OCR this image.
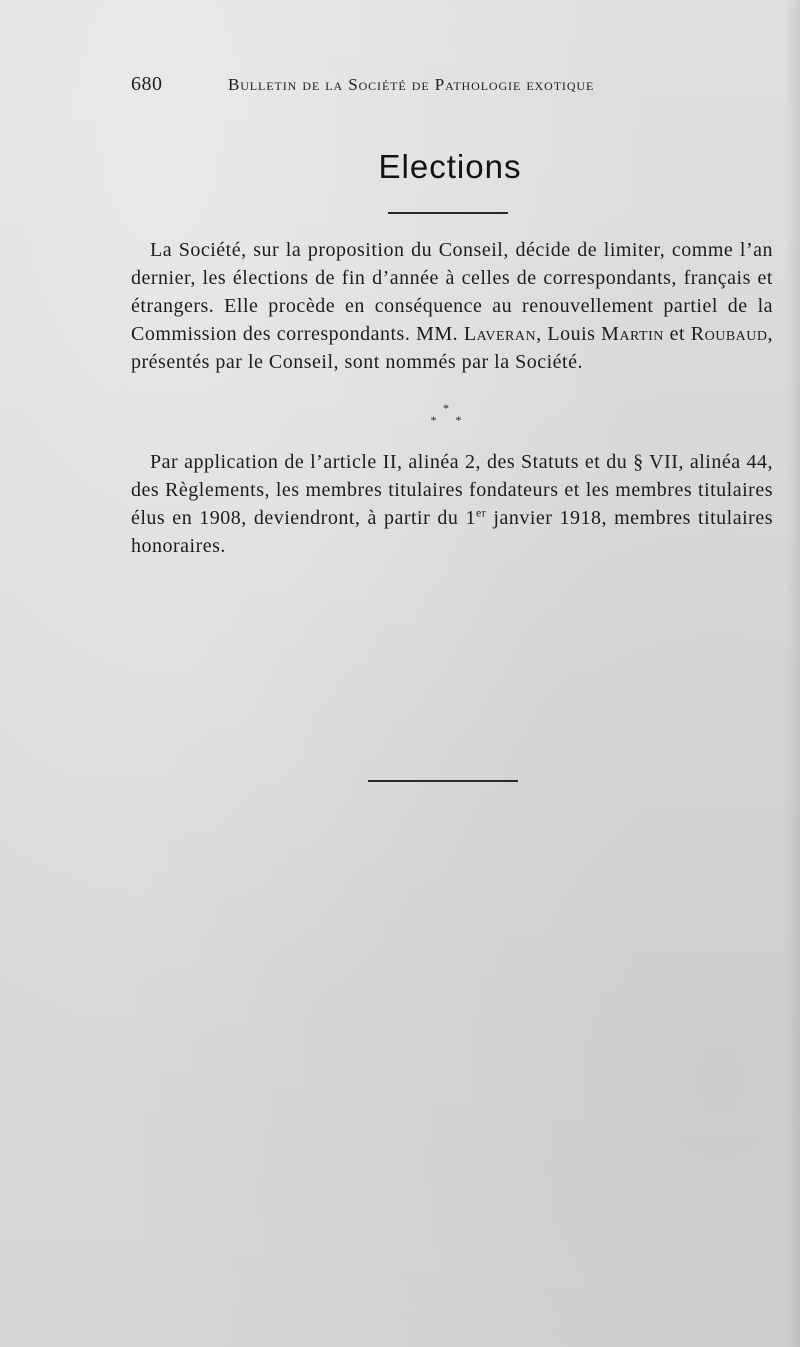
680	Bulletin de la Société de Pathologie exotique
Elections

La Société, sur la proposition du Conseil, décide de limiter, comme l’an dernier, les élections de fin d’année à celles de correspondants, français et étrangers. Elle procède en conséquence au renouvellement partiel de la Commission des correspondants. MM. Laveran, Louis Martin et Roubaud, présentés par le Conseil, sont nommés par la Société.

*
* *

Par application de l’article II, alinéa 2, des Statuts et du § VII, alinéa 44, des Règlements, les membres titulaires fondateurs et les membres titulaires élus en 1908, deviendront, à partir du 1er janvier 1918, membres titulaires honoraires.
